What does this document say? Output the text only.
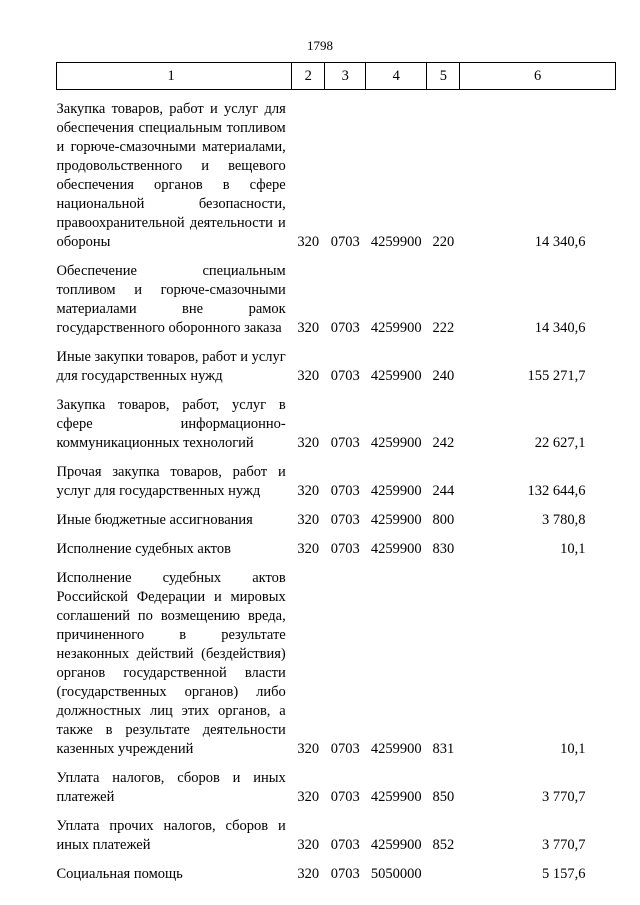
1798
1	2	3	4	5	6

Закупка товаров, работ и услуг для обеспечения специальным топливом и горюче-смазочными материалами, продовольственного и вещевого обеспечения органов в сфере национальной безопасности, правоохранительной деятельности и обороны	320	0703	4259900	220	14 340,6

Обеспечение специальным топливом и горюче-смазочными материалами вне рамок государственного оборонного заказа	320	0703	4259900	222	14 340,6

Иные закупки товаров, работ и услуг для государственных нужд	320	0703	4259900	240	155 271,7

Закупка товаров, работ, услуг в сфере информационно-коммуникационных технологий	320	0703	4259900	242	22 627,1

Прочая закупка товаров, работ и услуг для государственных нужд	320	0703	4259900	244	132 644,6

Иные бюджетные ассигнования	320	0703	4259900	800	3 780,8

Исполнение судебных актов	320	0703	4259900	830	10,1

Исполнение судебных актов Российской Федерации и мировых соглашений по возмещению вреда, причиненного в результате незаконных действий (бездействия) органов государственной власти (государственных органов) либо должностных лиц этих органов, а также в результате деятельности казенных учреждений	320	0703	4259900	831	10,1

Уплата налогов, сборов и иных платежей	320	0703	4259900	850	3 770,7

Уплата прочих налогов, сборов и иных платежей	320	0703	4259900	852	3 770,7

Социальная помощь	320	0703	5050000		5 157,6
